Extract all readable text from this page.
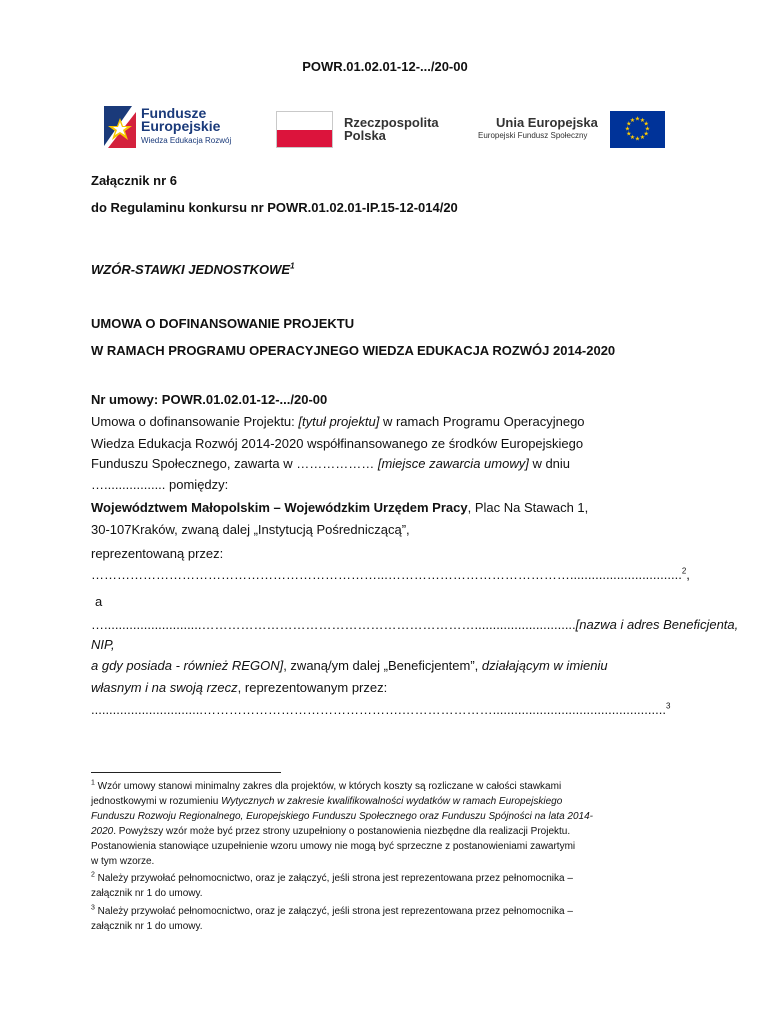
POWR.01.02.01-12-.../20-00
Fundusze
Europejskie
Wiedza Edukacja Rozwój
Rzeczpospolita
Polska
Unia Europejska
Europejski Fundusz Społeczny
★ ★
★
★
★
★
★
★
★
★
★
★
Załącznik nr 6
do Regulaminu konkursu nr POWR.01.02.01-IP.15-12-014/20
WZÓR-STAWKI JEDNOSTKOWE$^1$
UMOWA O DOFINANSOWANIE PROJEKTU
W RAMACH PROGRAMU OPERACYJNEGO WIEDZA EDUKACJA ROZWÓJ 2014-2020
Nr umowy: POWR.01.02.01-12-.../20-00
Umowa o dofinansowanie Projektu: [tytuł projektu] w ramach Programu Operacyjnego
Wiedza Edukacja Rozwój 2014-2020 współfinansowanego ze środków Europejskiego
Funduszu Społecznego, zawarta w ……………… [miejsce zawarcia umowy] w dniu
…................. pomiędzy:
Województwem Małopolskim – Wojewódzkim Urzędem Pracy, Plac Na Stawach 1,
30-107Kraków, zwaną dalej „Instytucją Pośredniczącą”,
reprezentowaną przez:
…………………………………………………………...……………………………………...............................$^2$,
a
…...........................………………………………………………………............................[nazwa i adres Beneficjenta,
NIP,
a gdy posiada - również REGON], zwaną/ym dalej „Beneficjentem”, działającym w imieniu
własnym i na swoją rzecz, reprezentowanym przez:
...............................……………………………………….…………………................................................$^3$
$^1$ Wzór umowy stanowi minimalny zakres dla projektów, w których koszty są rozliczane w całości stawkami
jednostkowymi w rozumieniu Wytycznych w zakresie kwalifikowalności wydatków w ramach Europejskiego
Funduszu Rozwoju Regionalnego, Europejskiego Funduszu Społecznego oraz Funduszu Spójności na lata 2014-
2020. Powyższy wzór może być przez strony uzupełniony o postanowienia niezbędne dla realizacji Projektu.
Postanowienia stanowiące uzupełnienie wzoru umowy nie mogą być sprzeczne z postanowieniami zawartymi
w tym wzorze.
$^2$ Należy przywołać pełnomocnictwo, oraz je załączyć, jeśli strona jest reprezentowana przez pełnomocnika –
załącznik nr 1 do umowy.
$^3$ Należy przywołać pełnomocnictwo, oraz je załączyć, jeśli strona jest reprezentowana przez pełnomocnika –
załącznik nr 1 do umowy.
